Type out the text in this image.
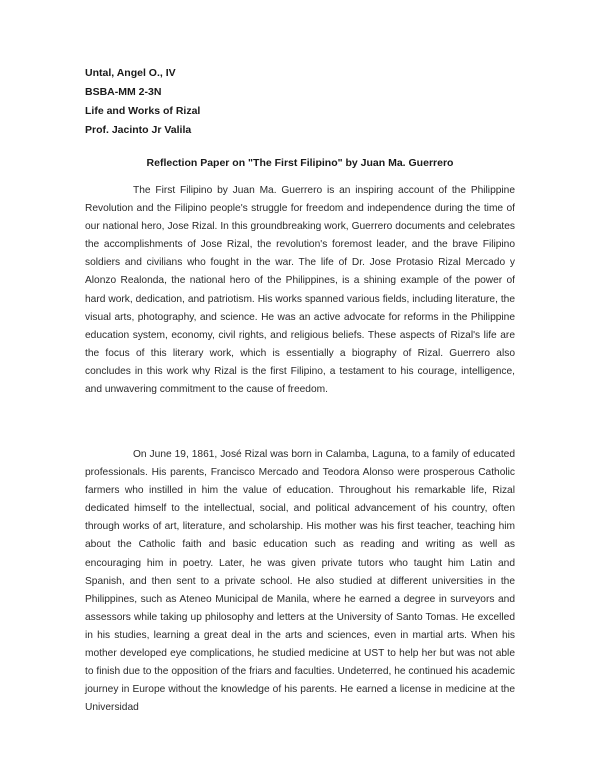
Untal, Angel O., IV
BSBA-MM 2-3N
Life and Works of Rizal
Prof. Jacinto Jr Valila
Reflection Paper on "The First Filipino" by Juan Ma. Guerrero

The First Filipino by Juan Ma. Guerrero is an inspiring account of the Philippine Revolution and the Filipino people's struggle for freedom and independence during the time of our national hero, Jose Rizal. In this groundbreaking work, Guerrero documents and celebrates the accomplishments of Jose Rizal, the revolution's foremost leader, and the brave Filipino soldiers and civilians who fought in the war. The life of Dr. Jose Protasio Rizal Mercado y Alonzo Realonda, the national hero of the Philippines, is a shining example of the power of hard work, dedication, and patriotism. His works spanned various fields, including literature, the visual arts, photography, and science. He was an active advocate for reforms in the Philippine education system, economy, civil rights, and religious beliefs. These aspects of Rizal's life are the focus of this literary work, which is essentially a biography of Rizal. Guerrero also concludes in this work why Rizal is the first Filipino, a testament to his courage, intelligence, and unwavering commitment to the cause of freedom.

On June 19, 1861, José Rizal was born in Calamba, Laguna, to a family of educated professionals. His parents, Francisco Mercado and Teodora Alonso were prosperous Catholic farmers who instilled in him the value of education. Throughout his remarkable life, Rizal dedicated himself to the intellectual, social, and political advancement of his country, often through works of art, literature, and scholarship. His mother was his first teacher, teaching him about the Catholic faith and basic education such as reading and writing as well as encouraging him in poetry. Later, he was given private tutors who taught him Latin and Spanish, and then sent to a private school. He also studied at different universities in the Philippines, such as Ateneo Municipal de Manila, where he earned a degree in surveyors and assessors while taking up philosophy and letters at the University of Santo Tomas. He excelled in his studies, learning a great deal in the arts and sciences, even in martial arts. When his mother developed eye complications, he studied medicine at UST to help her but was not able to finish due to the opposition of the friars and faculties. Undeterred, he continued his academic journey in Europe without the knowledge of his parents. He earned a license in medicine at the Universidad
